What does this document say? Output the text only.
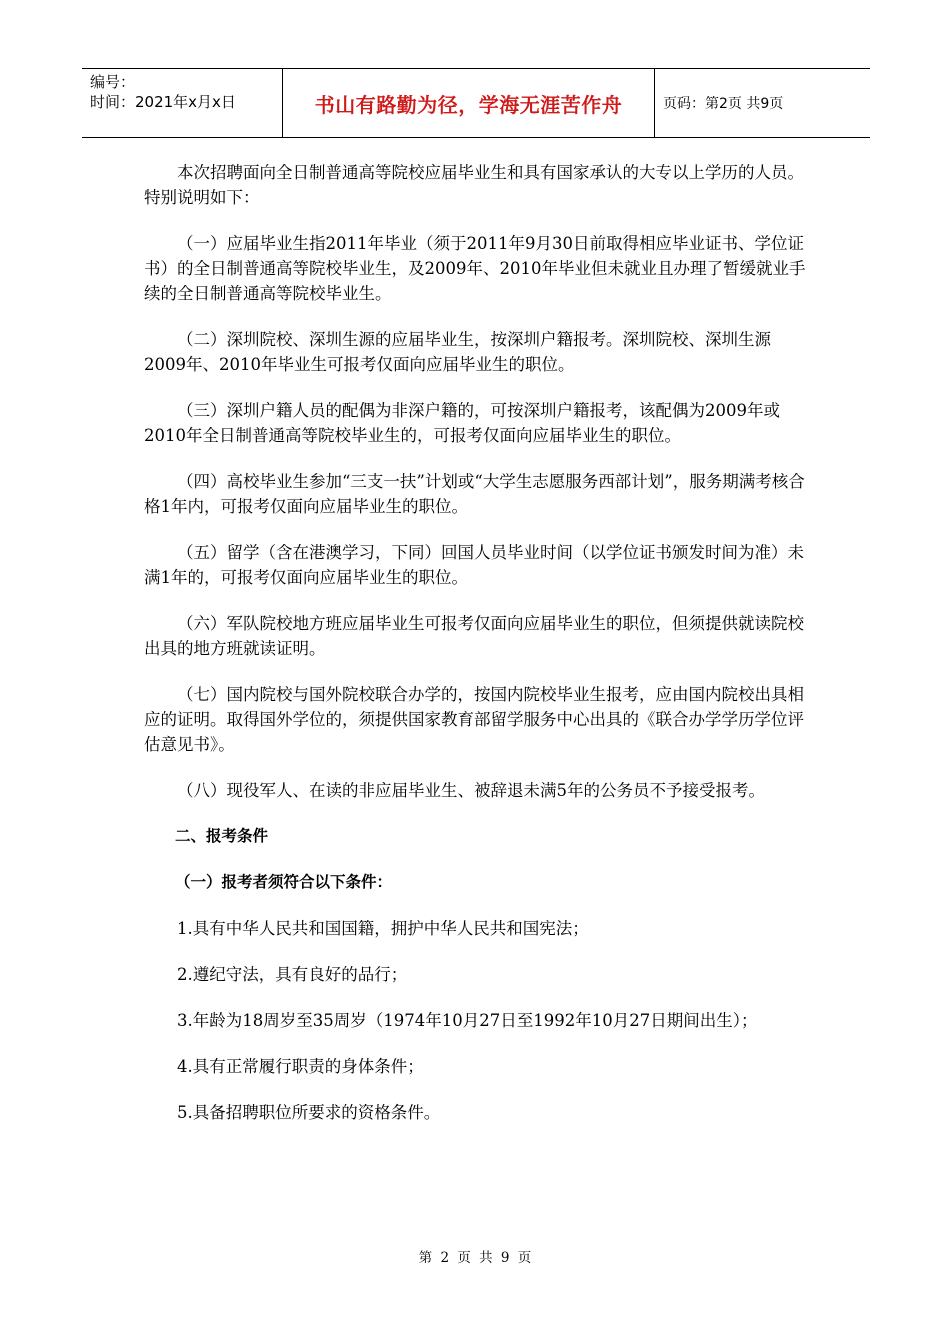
编号：
时间：2021年x月x日	书山有路勤为径，学海无涯苦作舟	页码：第2页 共9页

本次招聘面向全日制普通高等院校应届毕业生和具有国家承认的大专以上学历的人员。特别说明如下：

（一）应届毕业生指2011年毕业（须于2011年9月30日前取得相应毕业证书、学位证书）的全日制普通高等院校毕业生，及2009年、2010年毕业但未就业且办理了暂缓就业手续的全日制普通高等院校毕业生。

（二）深圳院校、深圳生源的应届毕业生，按深圳户籍报考。深圳院校、深圳生源2009年、2010年毕业生可报考仅面向应届毕业生的职位。

（三）深圳户籍人员的配偶为非深户籍的，可按深圳户籍报考，该配偶为2009年或2010年全日制普通高等院校毕业生的，可报考仅面向应届毕业生的职位。

（四）高校毕业生参加“三支一扶”计划或“大学生志愿服务西部计划”，服务期满考核合格1年内，可报考仅面向应届毕业生的职位。

（五）留学（含在港澳学习，下同）回国人员毕业时间（以学位证书颁发时间为准）未满1年的，可报考仅面向应届毕业生的职位。

（六）军队院校地方班应届毕业生可报考仅面向应届毕业生的职位，但须提供就读院校出具的地方班就读证明。

（七）国内院校与国外院校联合办学的，按国内院校毕业生报考，应由国内院校出具相应的证明。取得国外学位的，须提供国家教育部留学服务中心出具的《联合办学学历学位评估意见书》。

（八）现役军人、在读的非应届毕业生、被辞退未满5年的公务员不予接受报考。

二、报考条件

（一）报考者须符合以下条件：

1.具有中华人民共和国国籍，拥护中华人民共和国宪法；

2.遵纪守法，具有良好的品行；

3.年龄为18周岁至35周岁（1974年10月27日至1992年10月27日期间出生）；

4.具有正常履行职责的身体条件；

5.具备招聘职位所要求的资格条件。

第 2 页 共 9 页
